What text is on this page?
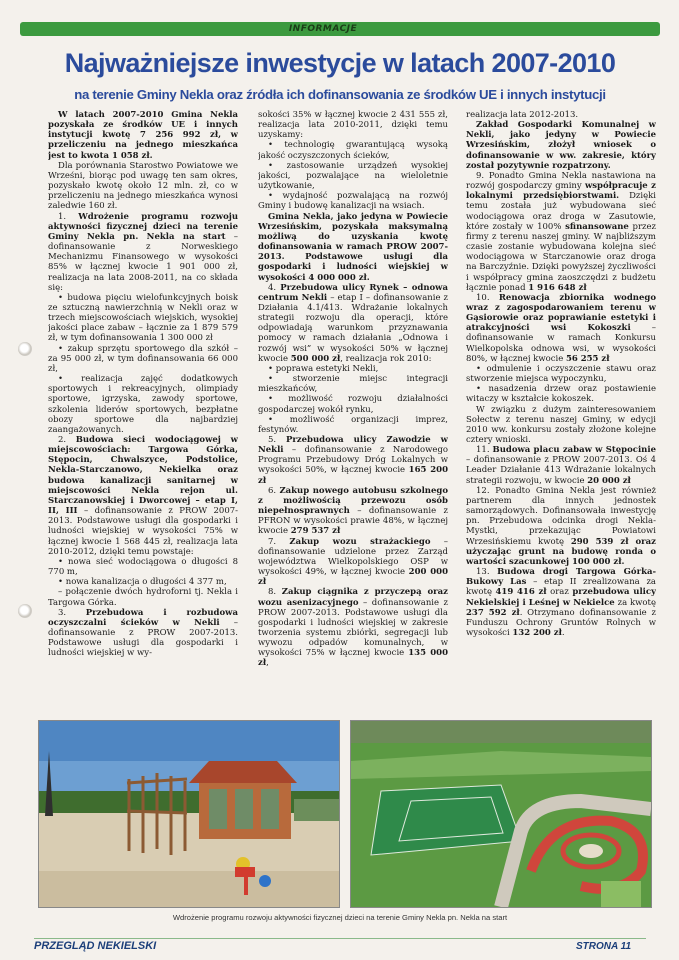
INFORMACJE
Najważniejsze inwestycje w latach 2007-2010
na terenie Gminy Nekla oraz źródła ich dofinansowania ze środków UE i innych instytucji

W latach 2007-2010 Gmina Nekla pozyskała ze środków UE i innych instytucji kwotę 7 256 992 zł, w przeliczeniu na jednego mieszkańca jest to kwota 1 058 zł.

Dla porównania Starostwo Powiatowe we Wrześni, biorąc pod uwagę ten sam okres, pozyskało kwotę około 12 mln. zł, co w przeliczeniu na jednego mieszkańca wynosi zaledwie 160 zł.

1. Wdrożenie programu rozwoju aktywności fizycznej dzieci na terenie Gminy Nekla pn. Nekla na start – dofinansowanie z Norweskiego Mechanizmu Finansowego w wysokości 85% w łącznej kwocie 1 901 000 zł, realizacja na lata 2008-2011, na co składa się:

• budowa pięciu wielofunkcyjnych boisk ze sztuczną nawierzchnią w Nekli oraz w trzech miejscowościach wiejskich, wysokiej jakości place zabaw – łącznie za 1 879 579 zł, w tym dofinansowania 1 300 000 zł

• zakup sprzętu sportowego dla szkół – za 95 000 zł, w tym dofinansowania 66 000 zł,

• realizacja zajęć dodatkowych sportowych i rekreacyjnych, olimpiady sportowe, igrzyska, zawody sportowe, szkolenia liderów sportowych, bezpłatne obozy sportowe dla najbardziej zaangażowanych.

2. Budowa sieci wodociągowej w miejscowościach: Targowa Górka, Stępocin, Chwalszyce, Podstolice, Nekla-Starczanowo, Nekielka oraz budowa kanalizacji sanitarnej w miejscowości Nekla rejon ul. Starczanowskiej i Dworcowej – etap I, II, III – dofinansowanie z PROW 2007-2013. Podstawowe usługi dla gospodarki i ludności wiejskiej w wysokości 75% w łącznej kwocie 1 568 445 zł, realizacja lata 2010-2012, dzięki temu powstaje:

• nowa sieć wodociągowa o długości 8 770 m,

• nowa kanalizacja o długości 4 377 m,

– połączenie dwóch hydroforni tj. Nekla i Targowa Górka.

3. Przebudowa i rozbudowa oczyszczalni ścieków w Nekli – dofinansowanie z PROW 2007-2013. Podstawowe usługi dla gospodarki i ludności wiejskiej w wy-

sokości 35% w łącznej kwocie 2 431 555 zł, realizacja lata 2010-2011, dzięki temu uzyskamy:

• technologię gwarantującą wysoką jakość oczyszczonych ścieków,

• zastosowanie urządzeń wysokiej jakości, pozwalające na wieloletnie użytkowanie,

• wydajność pozwalającą na rozwój Gminy i budowę kanalizacji na wsiach.

Gmina Nekla, jako jedyna w Powiecie Wrzesińskim, pozyskała maksymalną możliwą do uzyskania kwotę dofinansowania w ramach PROW 2007-2013. Podstawowe usługi dla gospodarki i ludności wiejskiej w wysokości 4 000 000 zł.

4. Przebudowa ulicy Rynek – odnowa centrum Nekli – etap I – dofinansowanie z Działania 4.1/413. Wdrażanie lokalnych strategii rozwoju dla operacji, które odpowiadają warunkom przyznawania pomocy w ramach działania „Odnowa i rozwój wsi” w wysokości 50% w łącznej kwocie 500 000 zł, realizacja rok 2010:

• poprawa estetyki Nekli,

• stworzenie miejsc integracji mieszkańców,

• możliwość rozwoju działalności gospodarczej wokół rynku,

• możliwość organizacji imprez, festynów.

5. Przebudowa ulicy Zawodzie w Nekli – dofinansowanie z Narodowego Programu Przebudowy Dróg Lokalnych w wysokości 50%, w łącznej kwocie 165 200 zł

6. Zakup nowego autobusu szkolnego z możliwością przewozu osób niepełnosprawnych – dofinansowanie z PFRON w wysokości prawie 48%, w łącznej kwocie 279 537 zł

7. Zakup wozu strażackiego – dofinansowanie udzielone przez Zarząd województwa Wielkopolskiego OSP w wysokości 49%, w łącznej kwocie 200 000 zł

8. Zakup ciągnika z przyczepą oraz wozu asenizacyjnego – dofinansowanie z PROW 2007-2013. Podstawowe usługi dla gospodarki i ludności wiejskiej w zakresie tworzenia systemu zbiórki, segregacji lub wywozu odpadów komunalnych, w wysokości 75% w łącznej kwocie 135 000 zł,

realizacja lata 2012-2013.

Zakład Gospodarki Komunalnej w Nekli, jako jedyny w Powiecie Wrzesińskim, złożył wniosek o dofinansowanie w ww. zakresie, który został pozytywnie rozpatrzony.

9. Ponadto Gmina Nekla nastawiona na rozwój gospodarczy gminy współpracuje z lokalnymi przedsiębiorstwami. Dzięki temu została już wybudowana sieć wodociągowa oraz droga w Zasutowie, które zostały w 100% sfinansowane przez firmy z terenu naszej gminy. W najbliższym czasie zostanie wybudowana kolejna sieć wodociągowa w Starczanowie oraz droga na Barczyźnie. Dzięki powyższej życzliwości i współpracy gmina zaoszczędzi z budżetu łącznie ponad 1 916 648 zł

10. Renowacja zbiornika wodnego wraz z zagospodarowaniem terenu w Gąsiorowie oraz poprawianie estetyki i atrakcyjności wsi Kokoszki – dofinansowanie w ramach Konkursu Wielkopolska odnowa wsi, w wysokości 80%, w łącznej kwocie 56 255 zł

• odmulenie i oczyszczenie stawu oraz stworzenie miejsca wypoczynku,

• nasadzenia drzew oraz postawienie witaczy w kształcie kokoszek.

W związku z dużym zainteresowaniem Sołectw z terenu naszej Gminy, w edycji 2010 ww. konkursu zostały złożone kolejne cztery wnioski.

11. Budowa placu zabaw w Stępocinie – dofinansowanie z PROW 2007-2013. Oś 4 Leader Działanie 413 Wdrażanie lokalnych strategii rozwoju, w kwocie 20 000 zł

12. Ponadto Gmina Nekla jest również partnerem dla innych jednostek samorządowych. Dofinansowała inwestycję pn. Przebudowa odcinka drogi Nekla-Mystki, przekazując Powiatowi Wrzesińskiemu kwotę 290 539 zł oraz użyczając grunt na budowę ronda o wartości szacunkowej 100 000 zł.

13. Budowa drogi Targowa Górka-Bukowy Las – etap II zrealizowana za kwotę 419 416 zł oraz przebudowa ulicy Nekielskiej i Leśnej w Nekielce za kwotę 237 592 zł. Otrzymano dofinansowanie z Funduszu Ochrony Gruntów Rolnych w wysokości 132 200 zł.

Wdrożenie programu rozwoju aktywności fizycznej dzieci na terenie Gminy Nekla pn. Nekla na start
PRZEGLĄD NEKIELSKI	STRONA 11
